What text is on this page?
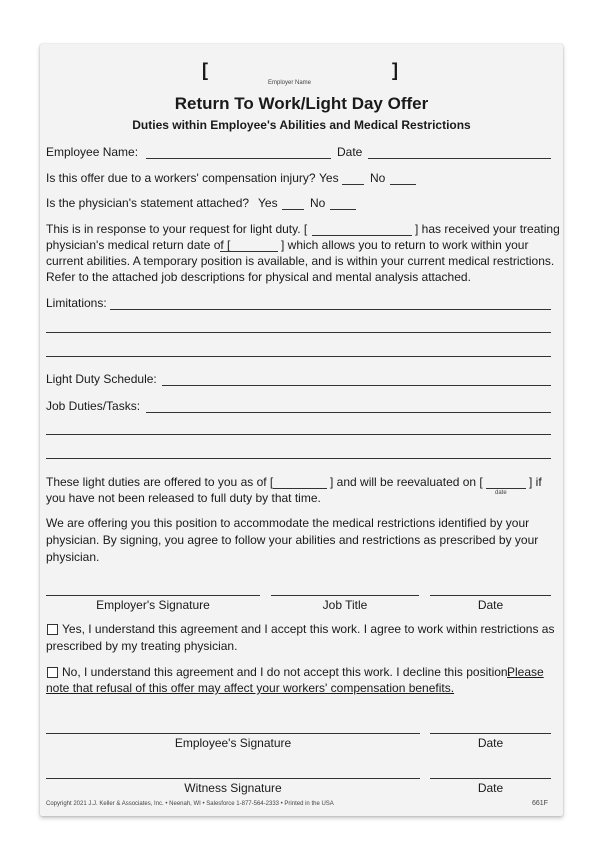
[	]
Employer Name
Return To Work/Light Day Offer
Duties within Employee's Abilities and Medical Restrictions
Employee Name:	Date
Is this offer due to a workers' compensation injury? Yes	No
Is the physician's statement attached? Yes	No
This is in response to your request for light duty. [	] has received your treating
physician's medical return date of [	] which allows you to return to work within your
current abilities. A temporary position is available, and is within your current medical restrictions.
Refer to the attached job descriptions for physical and mental analysis attached.
Limitations:
Light Duty Schedule:
Job Duties/Tasks:
These light duties are offered to you as of [	] and will be reevaluated on [	] if
date
you have not been released to full duty by that time.
We are offering you this position to accommodate the medical restrictions identified by your
physician. By signing, you agree to follow your abilities and restrictions as prescribed by your
physician.
Employer's Signature	Job Title	Date
Yes, I understand this agreement and I accept this work. I agree to work within restrictions as
prescribed by my treating physician.
No, I understand this agreement and I do not accept this work. I decline this position.
Please
note that refusal of this offer may affect your workers' compensation benefits.
Employee's Signature	Date
Witness Signature	Date
Copyright 2021 J.J. Keller & Associates, Inc. • Neenah, WI • Salesforce 1-877-564-2333 • Printed in the USA	661F
